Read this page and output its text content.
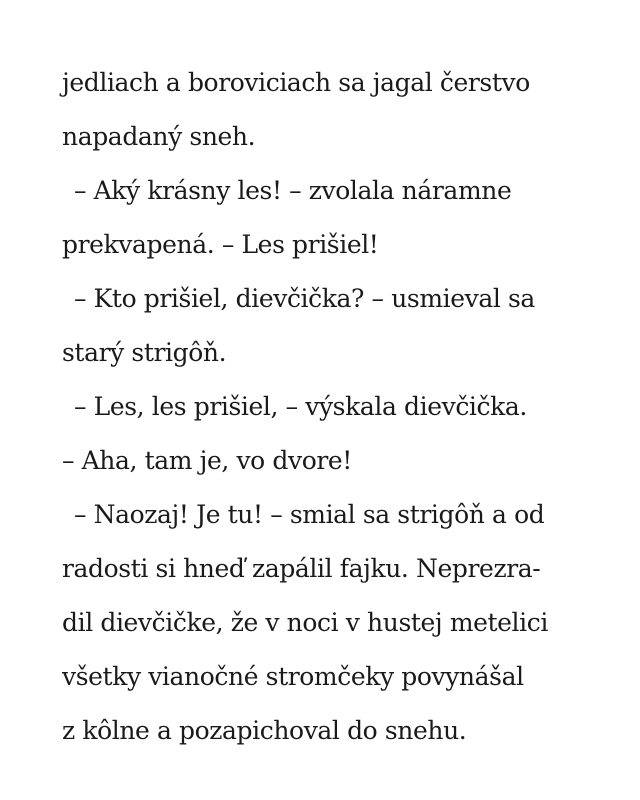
jedliach a boroviciach sa jagal čerstvo
napadaný sneh.
– Aký krásny les! – zvolala náramne
prekvapená. – Les prišiel!
– Kto prišiel, dievčička? – usmieval sa
starý strigôň.
– Les, les prišiel, – výskala dievčička.
– Aha, tam je, vo dvore!
– Naozaj! Je tu! – smial sa strigôň a od
radosti si hneď zapálil fajku. Neprezra-
dil dievčičke, že v noci v hustej metelici
všetky vianočné stromčeky povynášal
z kôlne a pozapichoval do snehu.
